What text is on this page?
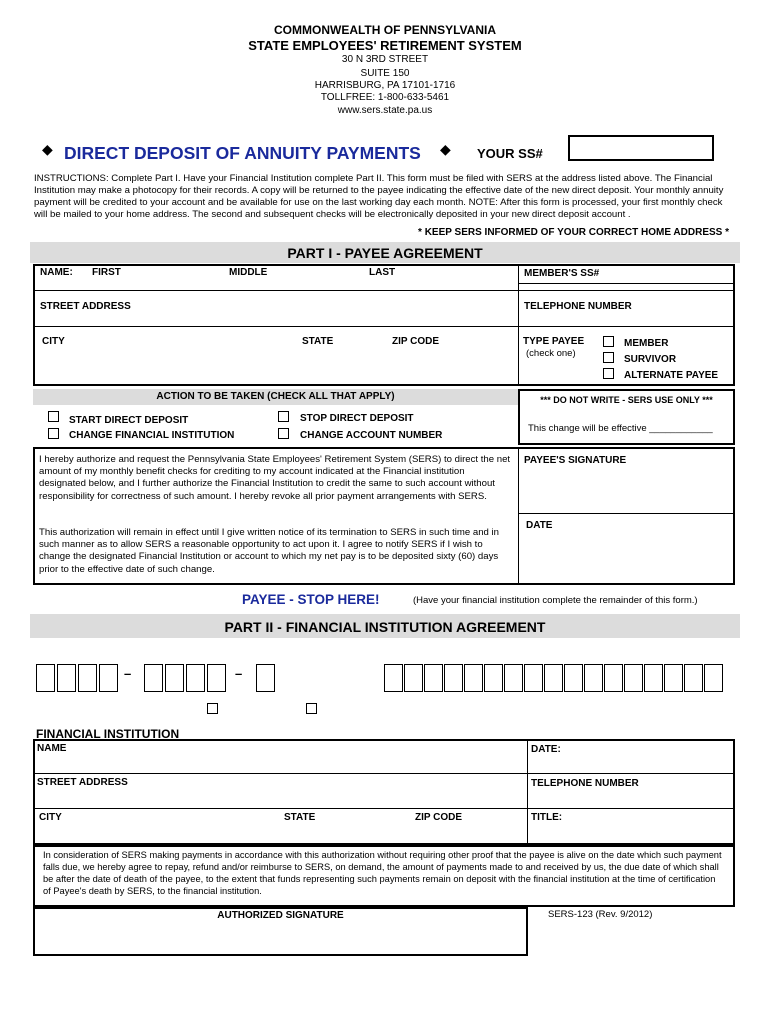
COMMONWEALTH OF PENNSYLVANIA
STATE EMPLOYEES' RETIREMENT SYSTEM
30 N 3RD STREET
SUITE 150
HARRISBURG, PA 17101-1716
TOLLFREE: 1-800-633-5461
www.sers.state.pa.us
◆ DIRECT DEPOSIT OF ANNUITY PAYMENTS ◆ YOUR SS#
INSTRUCTIONS: Complete Part I. Have your Financial Institution complete Part II. This form must be filed with SERS at the address listed above. The Financial Institution may make a photocopy for their records. A copy will be returned to the payee indicating the effective date of the new direct deposit. Your monthly annuity payment will be credited to your account and be available for use on the last working day each month. NOTE: After this form is processed, your first monthly check will be mailed to your home address. The second and subsequent checks will be electronically deposited in your new direct deposit account .
* KEEP SERS INFORMED OF YOUR CORRECT HOME ADDRESS *
PART I - PAYEE AGREEMENT
NAME: FIRST	MIDDLE	LAST	MEMBER'S SS#
STREET ADDRESS	TELEPHONE NUMBER
CITY	STATE	ZIP CODE	TYPE PAYEE
(check one)
MEMBER
SURVIVOR
ALTERNATE PAYEE
ACTION TO BE TAKEN (CHECK ALL THAT APPLY)
START DIRECT DEPOSIT
CHANGE FINANCIAL INSTITUTION
STOP DIRECT DEPOSIT
CHANGE ACCOUNT NUMBER
*** DO NOT WRITE - SERS USE ONLY ***
This change will be effective ____________
I hereby authorize and request the Pennsylvania State Employees' Retirement System (SERS) to direct the net amount of my monthly benefit checks for crediting to my account indicated at the Financial institution designated below, and I further authorize the Financial Institution to credit the same to such account without responsibility for correctness of such amount. I hereby revoke all prior payment arrangements with SERS.
This authorization will remain in effect until I give written notice of its termination to SERS in such time and in such manner as to allow SERS a reasonable opportunity to act upon it. I agree to notify SERS if I wish to change the designated Financial Institution or account to which my net pay is to be deposited sixty (60) days prior to the effective date of such change.
PAYEE'S SIGNATURE
DATE
PAYEE - STOP HERE!	(Have your financial institution complete the remainder of this form.)
PART II - FINANCIAL INSTITUTION AGREEMENT
–	–
FINANCIAL INSTITUTION
NAME	DATE:
STREET ADDRESS	TELEPHONE NUMBER
CITY	STATE	ZIP CODE	TITLE:
In consideration of SERS making payments in accordance with this authorization without requiring other proof that the payee is alive on the date which such payment falls due, we hereby agree to repay, refund and/or reimburse to SERS, on demand, the amount of payments made to and received by us, the due date of which shall be after the date of death of the payee, to the extent that funds representing such payments remain on deposit with the financial institution at the time of certification of Payee's death by SERS, to the financial institution.
AUTHORIZED SIGNATURE	SERS-123 (Rev. 9/2012)
